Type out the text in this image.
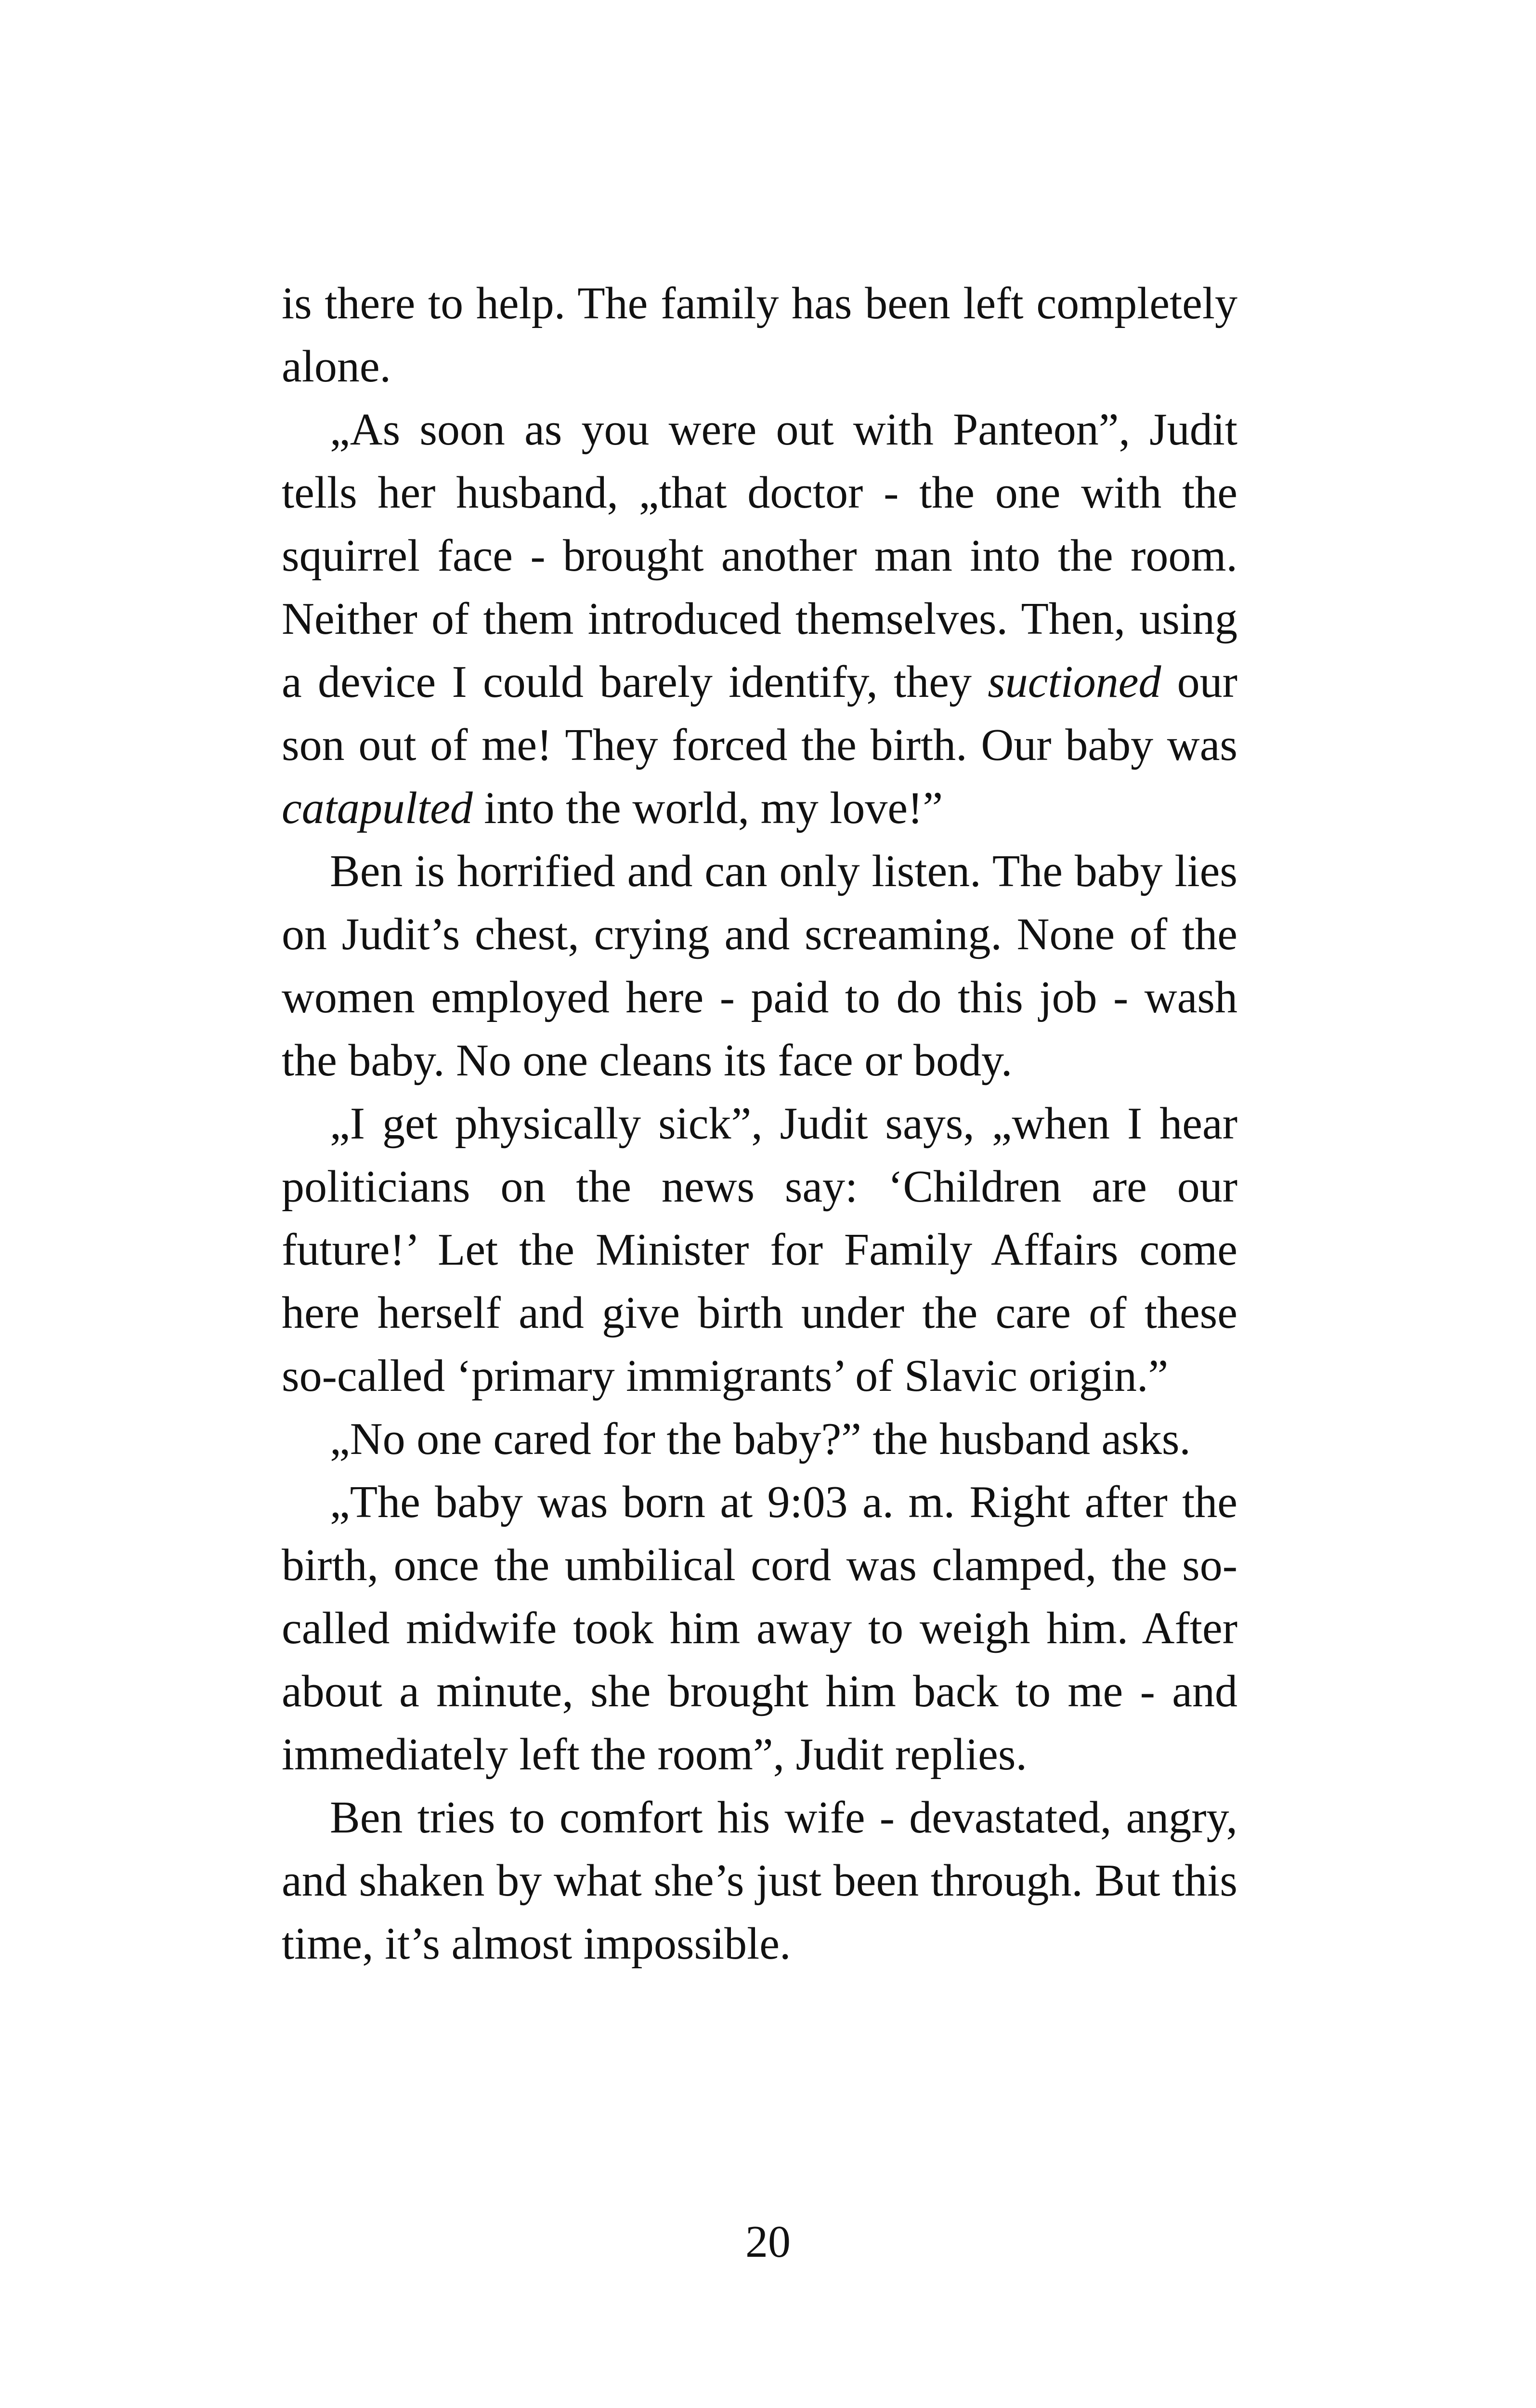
is there to help. The family has been left completely alone.

„As soon as you were out with Panteon”, Judit tells her husband, „that doctor - the one with the squirrel face - brought another man into the room. Neither of them introduced themselves. Then, using a device I could barely identify, they suctioned our son out of me! They forced the birth. Our baby was catapulted into the world, my love!”

Ben is horrified and can only listen. The baby lies on Judit’s chest, crying and screaming. None of the women employed here - paid to do this job - wash the baby. No one cleans its face or body.

„I get physically sick”, Judit says, „when I hear politicians on the news say: ‘Children are our future!’ Let the Minister for Family Affairs come here herself and give birth under the care of these so-called ‘primary immigrants’ of Slavic origin.”

„No one cared for the baby?” the husband asks.

„The baby was born at 9:03 a. m. Right after the birth, once the umbilical cord was clamped, the so-called midwife took him away to weigh him. After about a minute, she brought him back to me - and immediately left the room”, Judit replies.

Ben tries to comfort his wife - devastated, angry, and shaken by what she’s just been through. But this time, it’s almost impossible.

20
